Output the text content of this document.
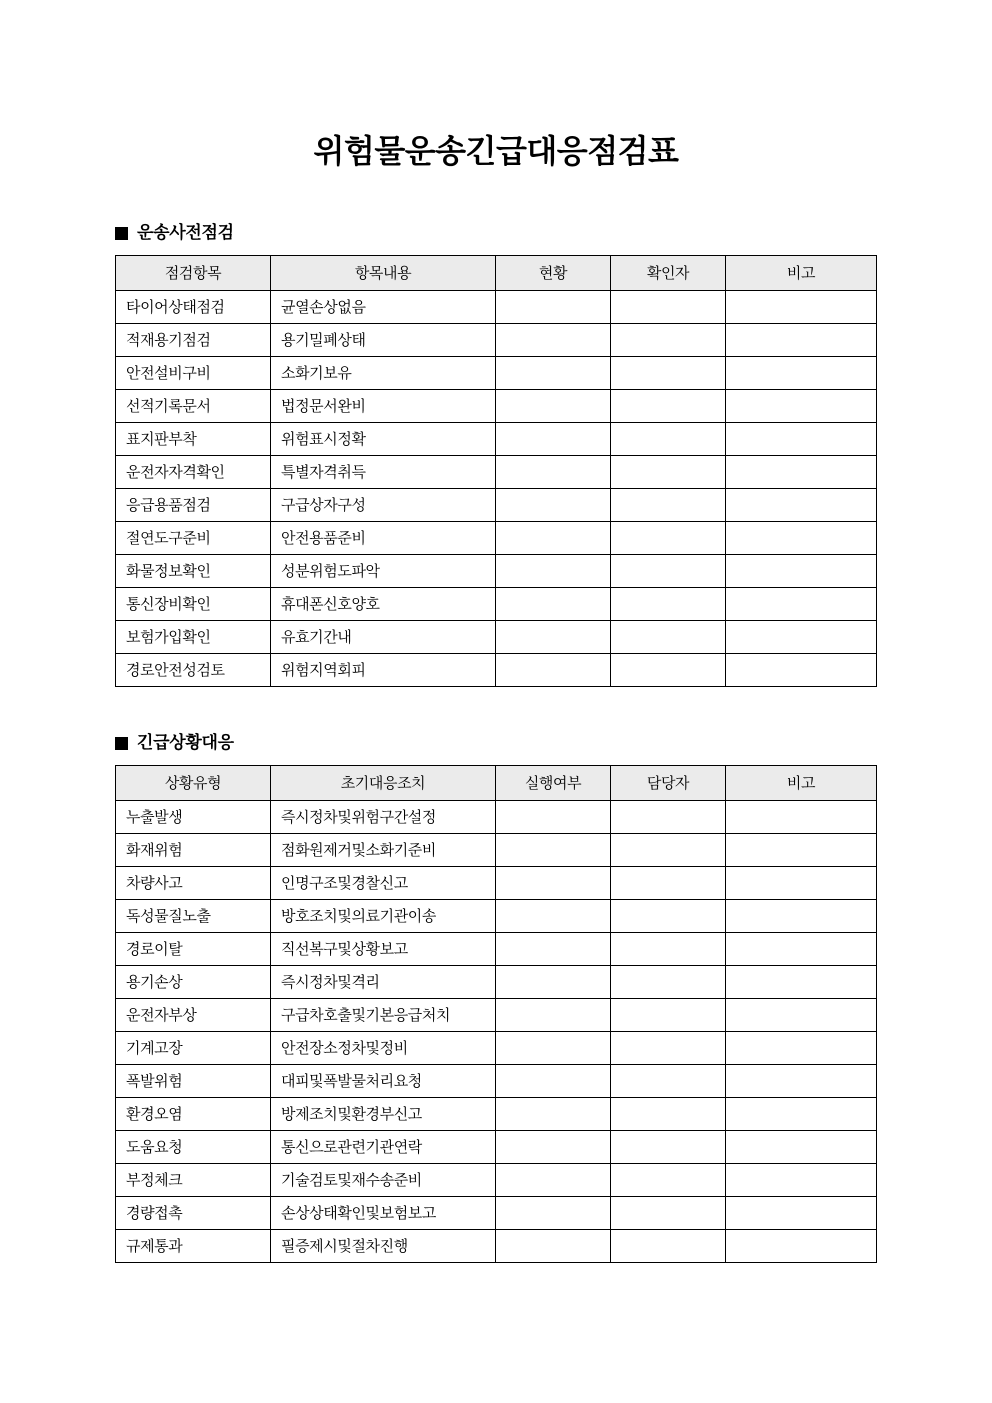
위험물운송긴급대응점검표
운송사전점검
점검항목	항목내용	현황	확인자	비고
타이어상태점검	균열손상없음			
적재용기점검	용기밀폐상태			
안전설비구비	소화기보유			
선적기록문서	법정문서완비			
표지판부착	위험표시정확			
운전자자격확인	특별자격취득			
응급용품점검	구급상자구성			
절연도구준비	안전용품준비			
화물정보확인	성분위험도파악			
통신장비확인	휴대폰신호양호			
보험가입확인	유효기간내			
경로안전성검토	위험지역회피			
긴급상황대응
상황유형	초기대응조치	실행여부	담당자	비고
누출발생	즉시정차및위험구간설정			
화재위험	점화원제거및소화기준비			
차량사고	인명구조및경찰신고			
독성물질노출	방호조치및의료기관이송			
경로이탈	직선복구및상황보고			
용기손상	즉시정차및격리			
운전자부상	구급차호출및기본응급처치			
기계고장	안전장소정차및정비			
폭발위험	대피및폭발물처리요청			
환경오염	방제조치및환경부신고			
도움요청	통신으로관련기관연락			
부정체크	기술검토및재수송준비			
경량접촉	손상상태확인및보험보고			
규제통과	필증제시및절차진행			
